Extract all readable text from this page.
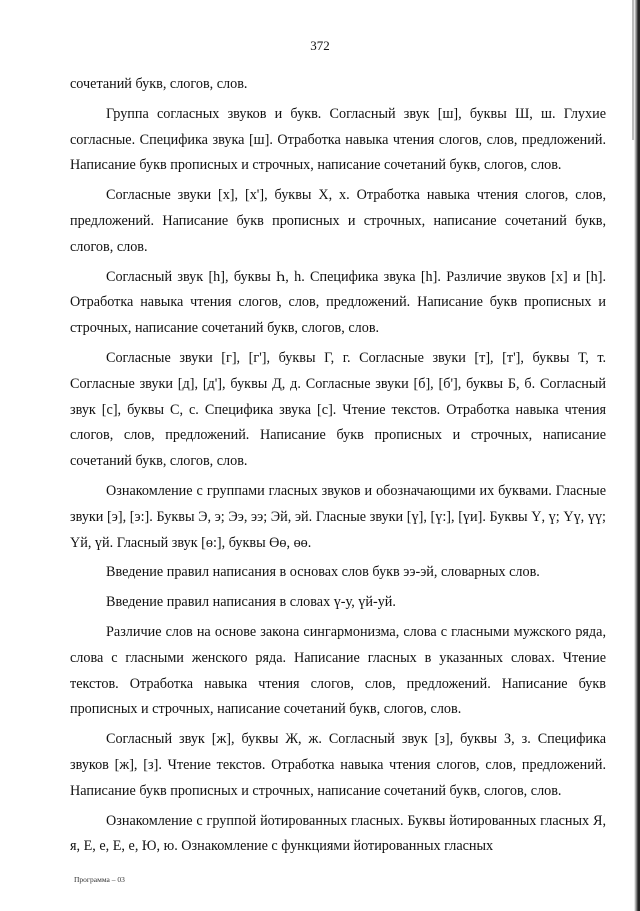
372

сочетаний букв, слогов, слов.

Группа согласных звуков и букв. Согласный звук [ш], буквы Ш, ш. Глухие согласные. Специфика звука [ш]. Отработка навыка чтения слогов, слов, предложений. Написание букв прописных и строчных, написание сочетаний букв, слогов, слов.

Согласные звуки [х], [х'], буквы Х, х. Отработка навыка чтения слогов, слов, предложений. Написание букв прописных и строчных, написание сочетаний букв, слогов, слов.

Согласный звук [h], буквы Һ, һ. Специфика звука [h]. Различие звуков [х] и [h]. Отработка навыка чтения слогов, слов, предложений. Написание букв прописных и строчных, написание сочетаний букв, слогов, слов.

Согласные звуки [г], [г'], буквы Г, г. Согласные звуки [т], [т'], буквы Т, т. Согласные звуки [д], [д'], буквы Д, д. Согласные звуки [б], [б'], буквы Б, б. Согласный звук [с], буквы С, с. Специфика звука [с]. Чтение текстов. Отработка навыка чтения слогов, слов, предложений. Написание букв прописных и строчных, написание сочетаний букв, слогов, слов.

Ознакомление с группами гласных звуков и обозначающими их буквами. Гласные звуки [э], [э:]. Буквы Э, э; Ээ, ээ; Эй, эй. Гласные звуки [ү], [ү:], [үи]. Буквы Ү, ү; Үү, үү; Үй, үй. Гласный звук [ө:], буквы Өө, өө.

Введение правил написания в основах слов букв ээ-эй, словарных слов.

Введение правил написания в словах ү-у, үй-уй.

Различие слов на основе закона сингармонизма, слова с гласными мужского ряда, слова с гласными женского ряда. Написание гласных в указанных словах. Чтение текстов. Отработка навыка чтения слогов, слов, предложений. Написание букв прописных и строчных, написание сочетаний букв, слогов, слов.

Согласный звук [ж], буквы Ж, ж. Согласный звук [з], буквы З, з. Специфика звуков [ж], [з]. Чтение текстов. Отработка навыка чтения слогов, слов, предложений. Написание букв прописных и строчных, написание сочетаний букв, слогов, слов.

Ознакомление с группой йотированных гласных. Буквы йотированных гласных Я, я, Е, е, Е, е, Ю, ю. Ознакомление с функциями йотированных гласных

Программа – 03
